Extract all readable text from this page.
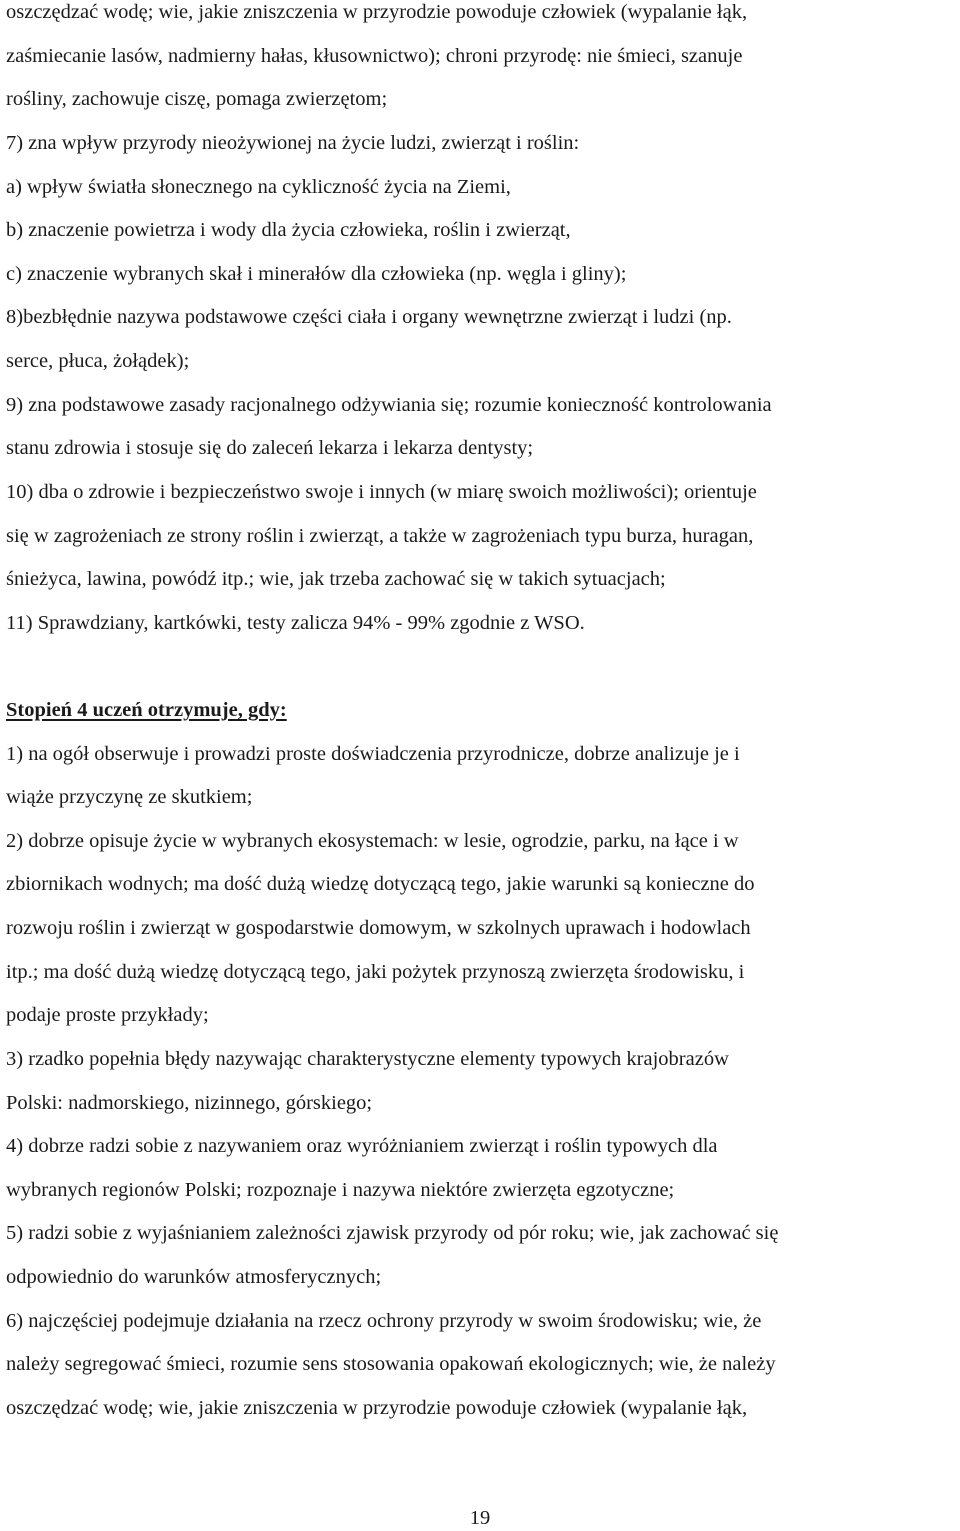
oszczędzać wodę; wie, jakie zniszczenia w przyrodzie powoduje człowiek (wypalanie łąk,
zaśmiecanie lasów, nadmierny hałas, kłusownictwo); chroni przyrodę: nie śmieci, szanuje
rośliny, zachowuje ciszę, pomaga zwierzętom;
7) zna wpływ przyrody nieożywionej na życie ludzi, zwierząt i roślin:
a) wpływ światła słonecznego na cykliczność życia na Ziemi,
b) znaczenie powietrza i wody dla życia człowieka, roślin i zwierząt,
c) znaczenie wybranych skał i minerałów dla człowieka (np. węgla i gliny);
8)bezbłędnie nazywa podstawowe części ciała i organy wewnętrzne zwierząt i ludzi (np.
serce, płuca, żołądek);
9) zna podstawowe zasady racjonalnego odżywiania się; rozumie konieczność kontrolowania
stanu zdrowia i stosuje się do zaleceń lekarza i lekarza dentysty;
10) dba o zdrowie i bezpieczeństwo swoje i innych (w miarę swoich możliwości); orientuje
się w zagrożeniach ze strony roślin i zwierząt, a także w zagrożeniach typu burza, huragan,
śnieżyca, lawina, powódź itp.; wie, jak trzeba zachować się w takich sytuacjach;
11) Sprawdziany, kartkówki, testy zalicza 94% - 99% zgodnie z WSO.
Stopień 4 uczeń otrzymuje, gdy:
1) na ogół obserwuje i prowadzi proste doświadczenia przyrodnicze, dobrze analizuje je i
wiąże przyczynę ze skutkiem;
2) dobrze opisuje życie w wybranych ekosystemach: w lesie, ogrodzie, parku, na łące i w
zbiornikach wodnych; ma dość dużą wiedzę dotyczącą tego, jakie warunki są konieczne do
rozwoju roślin i zwierząt w gospodarstwie domowym, w szkolnych uprawach i hodowlach
itp.; ma dość dużą wiedzę dotyczącą tego, jaki pożytek przynoszą zwierzęta środowisku, i
podaje proste przykłady;
3) rzadko popełnia błędy nazywając charakterystyczne elementy typowych krajobrazów
Polski: nadmorskiego, nizinnego, górskiego;
4) dobrze radzi sobie z nazywaniem oraz wyróżnianiem zwierząt i roślin typowych dla
wybranych regionów Polski; rozpoznaje i nazywa niektóre zwierzęta egzotyczne;
5) radzi sobie z wyjaśnianiem zależności zjawisk przyrody od pór roku; wie, jak zachować się
odpowiednio do warunków atmosferycznych;
6) najczęściej podejmuje działania na rzecz ochrony przyrody w swoim środowisku; wie, że
należy segregować śmieci, rozumie sens stosowania opakowań ekologicznych; wie, że należy
oszczędzać wodę; wie, jakie zniszczenia w przyrodzie powoduje człowiek (wypalanie łąk,
19
